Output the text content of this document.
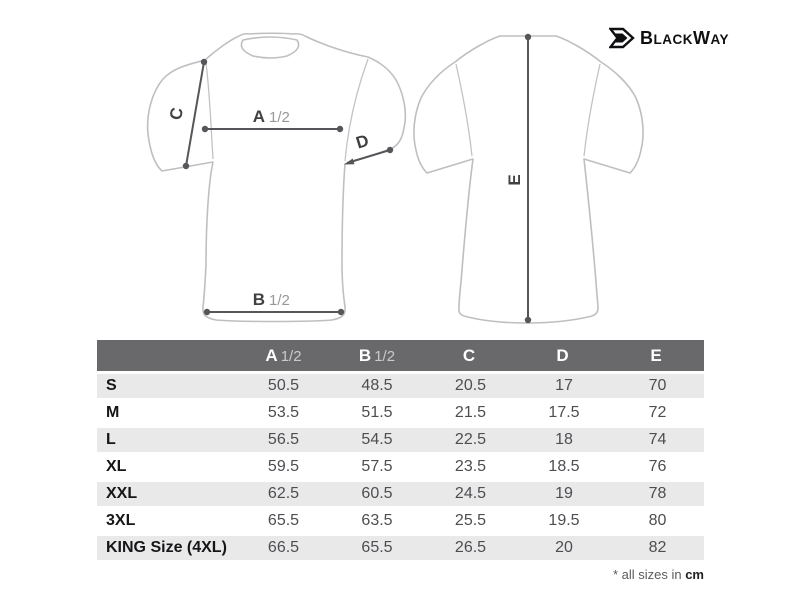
A 1/2
B 1/2
C
D
E
BLACKWAY
	A 1/2	B 1/2	C	D	E
S	50.5	48.5	20.5	17	70
M	53.5	51.5	21.5	17.5	72
L	56.5	54.5	22.5	18	74
XL	59.5	57.5	23.5	18.5	76
XXL	62.5	60.5	24.5	19	78
3XL	65.5	63.5	25.5	19.5	80
KING Size (4XL)	66.5	65.5	26.5	20	82
* all sizes in cm
